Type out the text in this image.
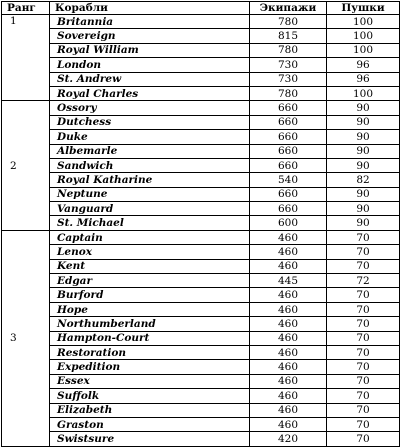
Ранг	Корабли	Экипажи	Пушки
1	Britannia	780	100
	Sovereign	815	100
	Royal William	780	100
	London	730	96
	St. Andrew	730	96
	Royal Charles	780	100
2	Ossory	660	90
	Dutchess	660	90
	Duke	660	90
	Albemarle	660	90
	Sandwich	660	90
	Royal Katharine	540	82
	Neptune	660	90
	Vanguard	660	90
	St. Michael	600	90
3	Captain	460	70
	Lenox	460	70
	Kent	460	70
	Edgar	445	72
	Burford	460	70
	Hope	460	70
	Northumberland	460	70
	Hampton-Court	460	70
	Restoration	460	70
	Expedition	460	70
	Essex	460	70
	Suffolk	460	70
	Elizabeth	460	70
	Graston	460	70
	Swistsure	420	70
